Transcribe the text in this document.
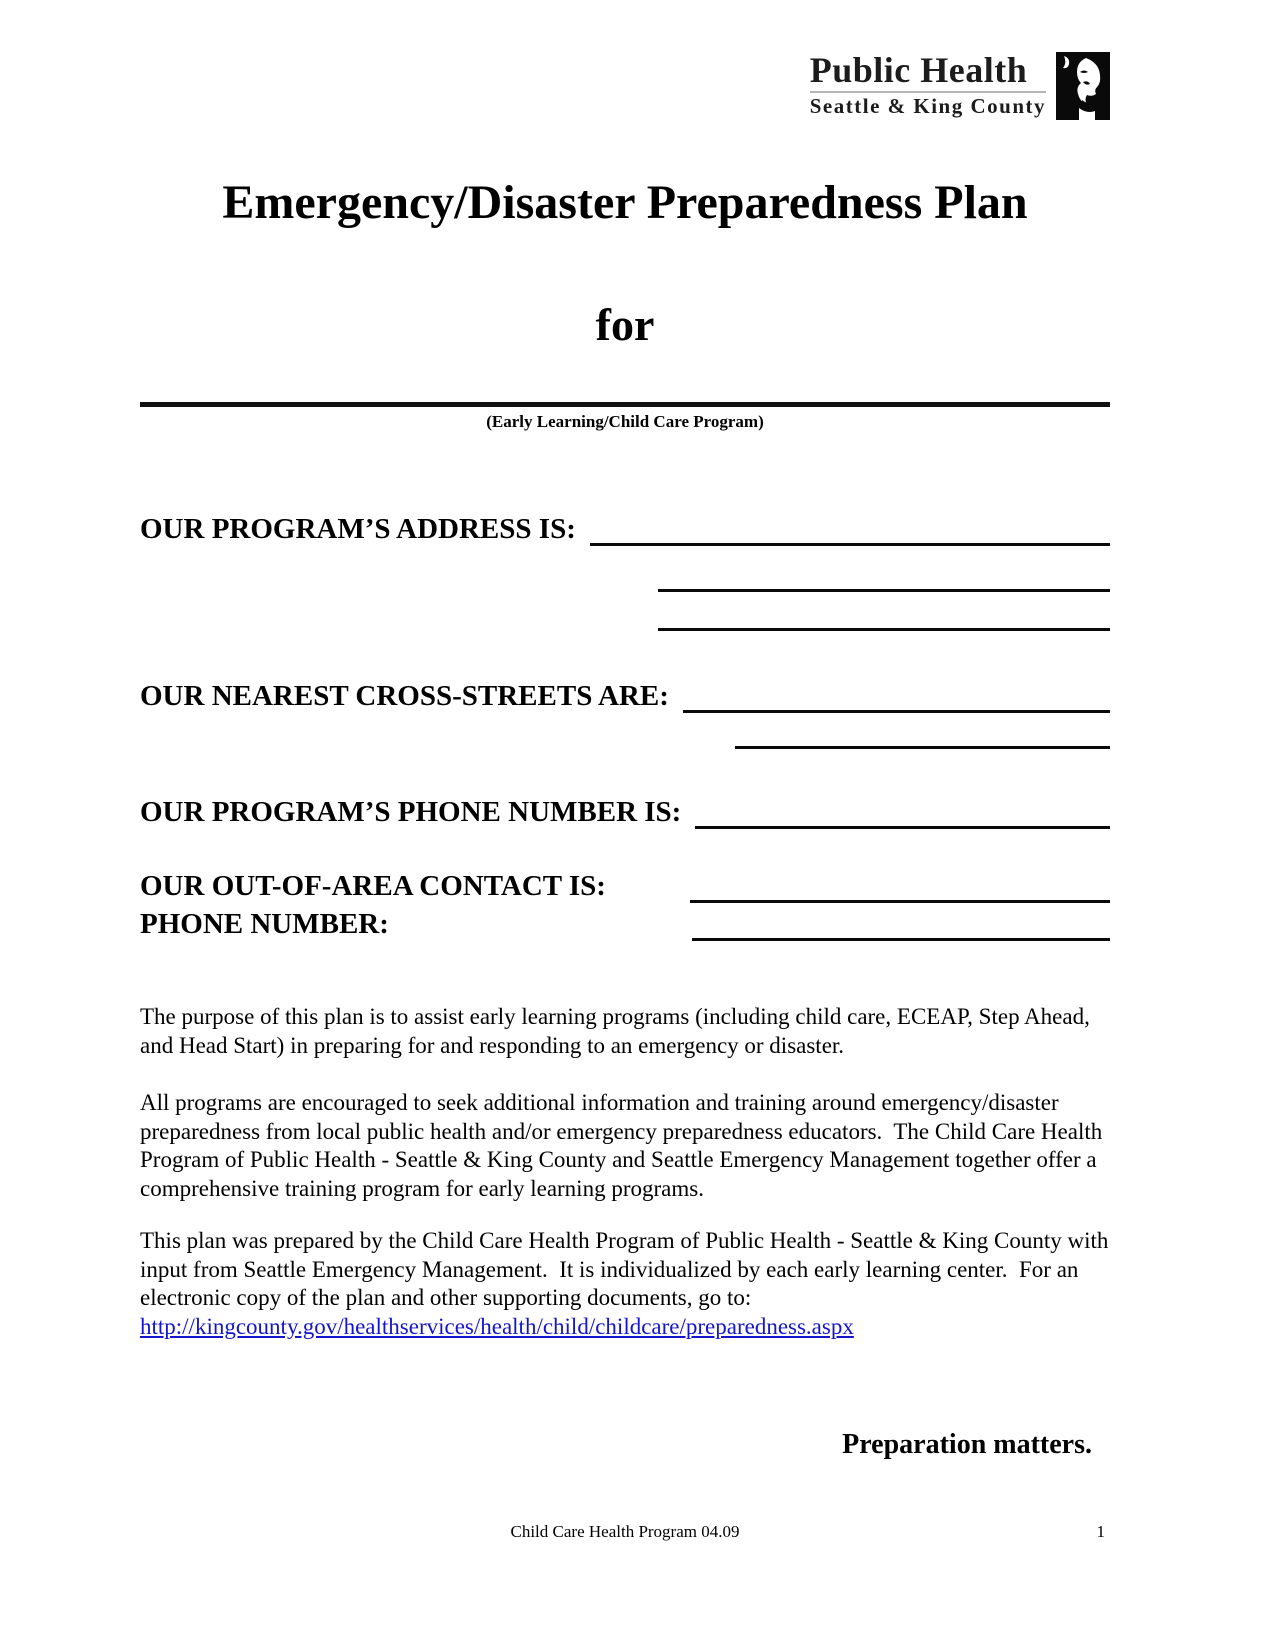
Public Health
Seattle & King County
Emergency/Disaster Preparedness Plan
for
(Early Learning/Child Care Program)
OUR PROGRAM’S ADDRESS IS:
OUR NEAREST CROSS-STREETS ARE:
OUR PROGRAM’S PHONE NUMBER IS:
OUR OUT-OF-AREA CONTACT IS:
PHONE NUMBER:
The purpose of this plan is to assist early learning programs (including child care, ECEAP, Step Ahead, and Head Start) in preparing for and responding to an emergency or disaster.
All programs are encouraged to seek additional information and training around emergency/disaster preparedness from local public health and/or emergency preparedness educators.  The Child Care Health Program of Public Health - Seattle & King County and Seattle Emergency Management together offer a comprehensive training program for early learning programs.
This plan was prepared by the Child Care Health Program of Public Health - Seattle & King County with input from Seattle Emergency Management.  It is individualized by each early learning center.  For an electronic copy of the plan and other supporting documents, go to:
http://kingcounty.gov/healthservices/health/child/childcare/preparedness.aspx
Preparation matters.
Child Care Health Program 04.09	1
